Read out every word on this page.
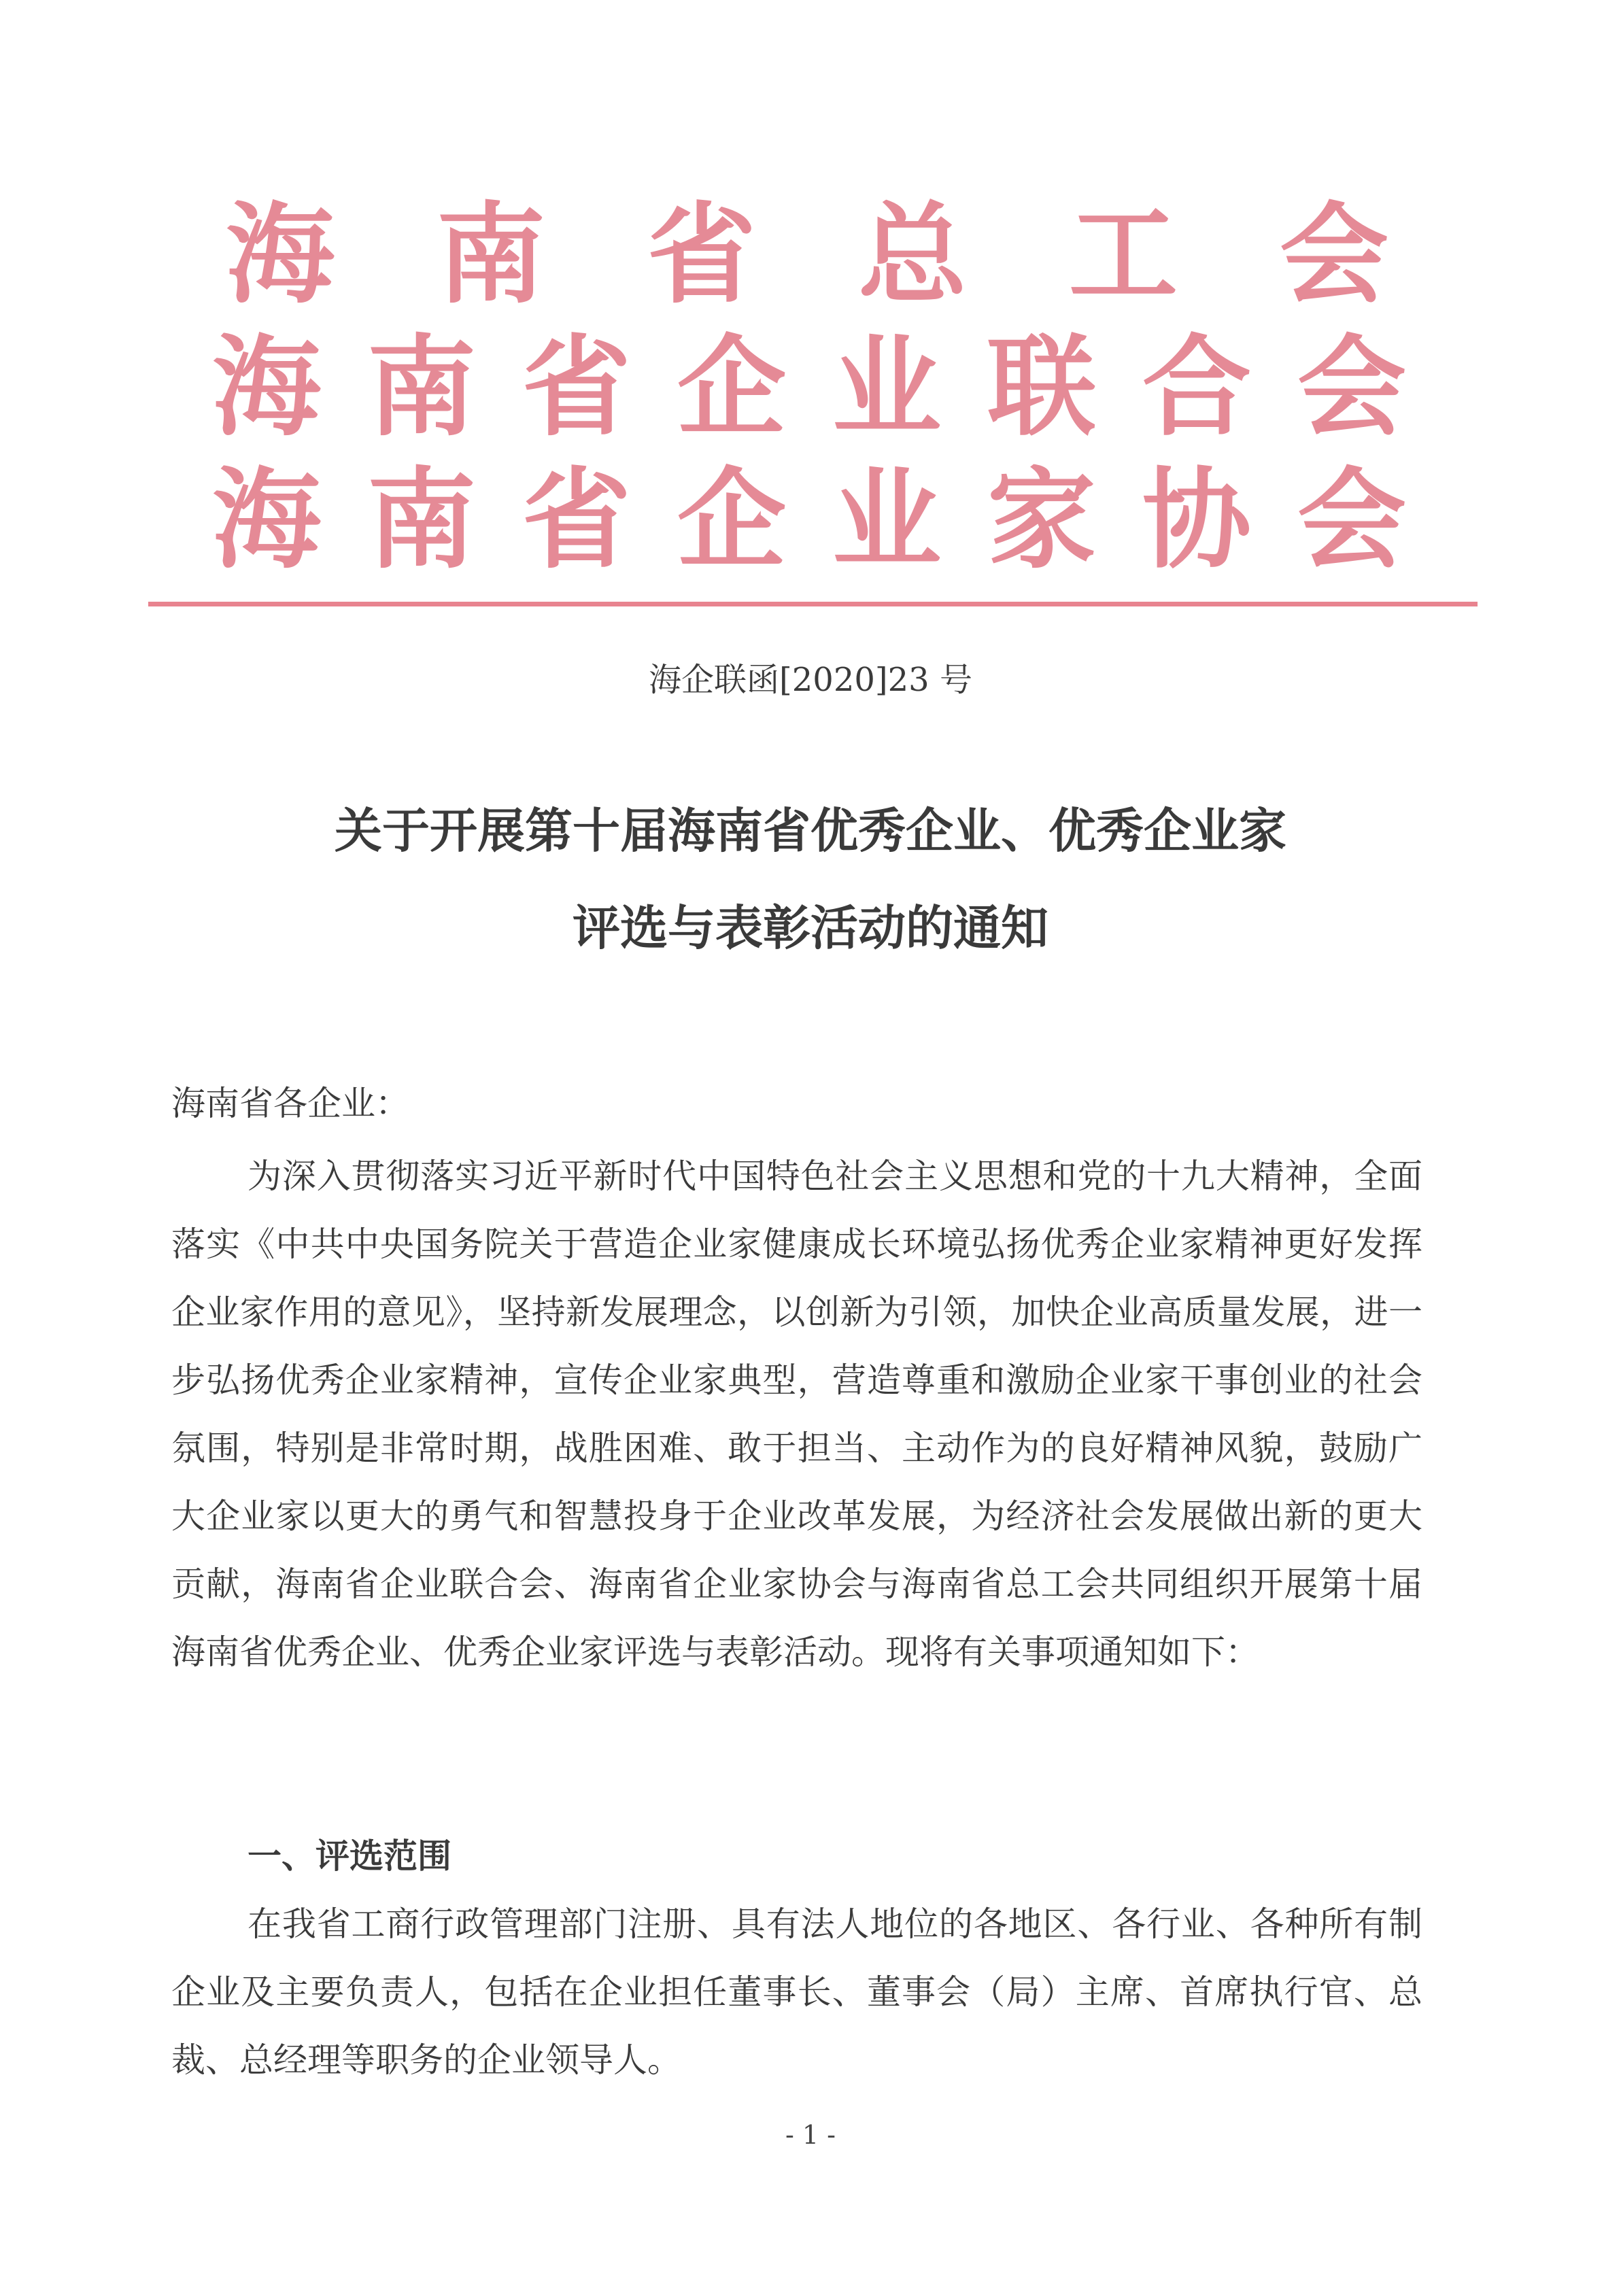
海 南 省 总 工 会
海 南 省 企 业 联 合 会
海 南 省 企 业 家 协 会
海企联函[2020]23 号
关于开展第十届海南省优秀企业、优秀企业家
评选与表彰活动的通知
海南省各企业：
为深入贯彻落实习近平新时代中国特色社会主义思想和党的十九大精神，全面落实《中共中央国务院关于营造企业家健康成长环境弘扬优秀企业家精神更好发挥企业家作用的意见》，坚持新发展理念，以创新为引领，加快企业高质量发展，进一步弘扬优秀企业家精神，宣传企业家典型，营造尊重和激励企业家干事创业的社会氛围，特别是非常时期，战胜困难、敢于担当、主动作为的良好精神风貌，鼓励广大企业家以更大的勇气和智慧投身于企业改革发展，为经济社会发展做出新的更大贡献，海南省企业联合会、海南省企业家协会与海南省总工会共同组织开展第十届海南省优秀企业、优秀企业家评选与表彰活动。现将有关事项通知如下：
一、评选范围
在我省工商行政管理部门注册、具有法人地位的各地区、各行业、各种所有制企业及主要负责人，包括在企业担任董事长、董事会（局）主席、首席执行官、总裁、总经理等职务的企业领导人。
- 1 -
